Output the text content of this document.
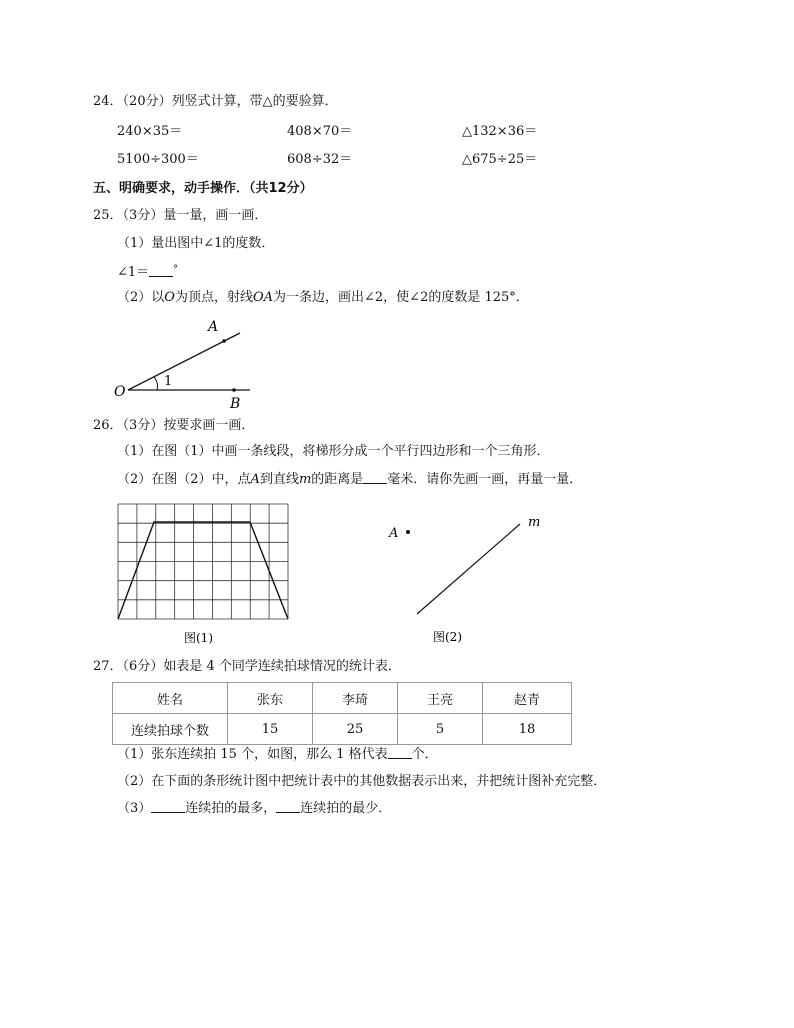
24．（20分）列竖式计算，带△的要验算．
240×35＝	408×70＝	△132×36＝
5100÷300＝	608÷32＝	△675÷25＝
五、明确要求，动手操作．（共12分）
25．（3分）量一量，画一画．
（1）量出图中∠1的度数．
∠1＝ °
（2）以O为顶点，射线OA为一条边，画出∠2，使∠2的度数是 125°．
A
O
B
1
26．（3分）按要求画一画．
（1）在图（1）中画一条线段，将梯形分成一个平行四边形和一个三角形．
（2）在图（2）中，点A到直线m的距离是 毫米．请你先画一画，再量一量．
图(1)
A
m
图(2)
27．（6分）如表是 4 个同学连续拍球情况的统计表．
姓名	张东	李琦	王亮	赵青
连续拍球个数	15	25	5	18
（1）张东连续拍 15 个，如图，那么 1 格代表 个．
（2）在下面的条形统计图中把统计表中的其他数据表示出来，并把统计图补充完整．
（3）	连续拍的最多， 连续拍的最少．
